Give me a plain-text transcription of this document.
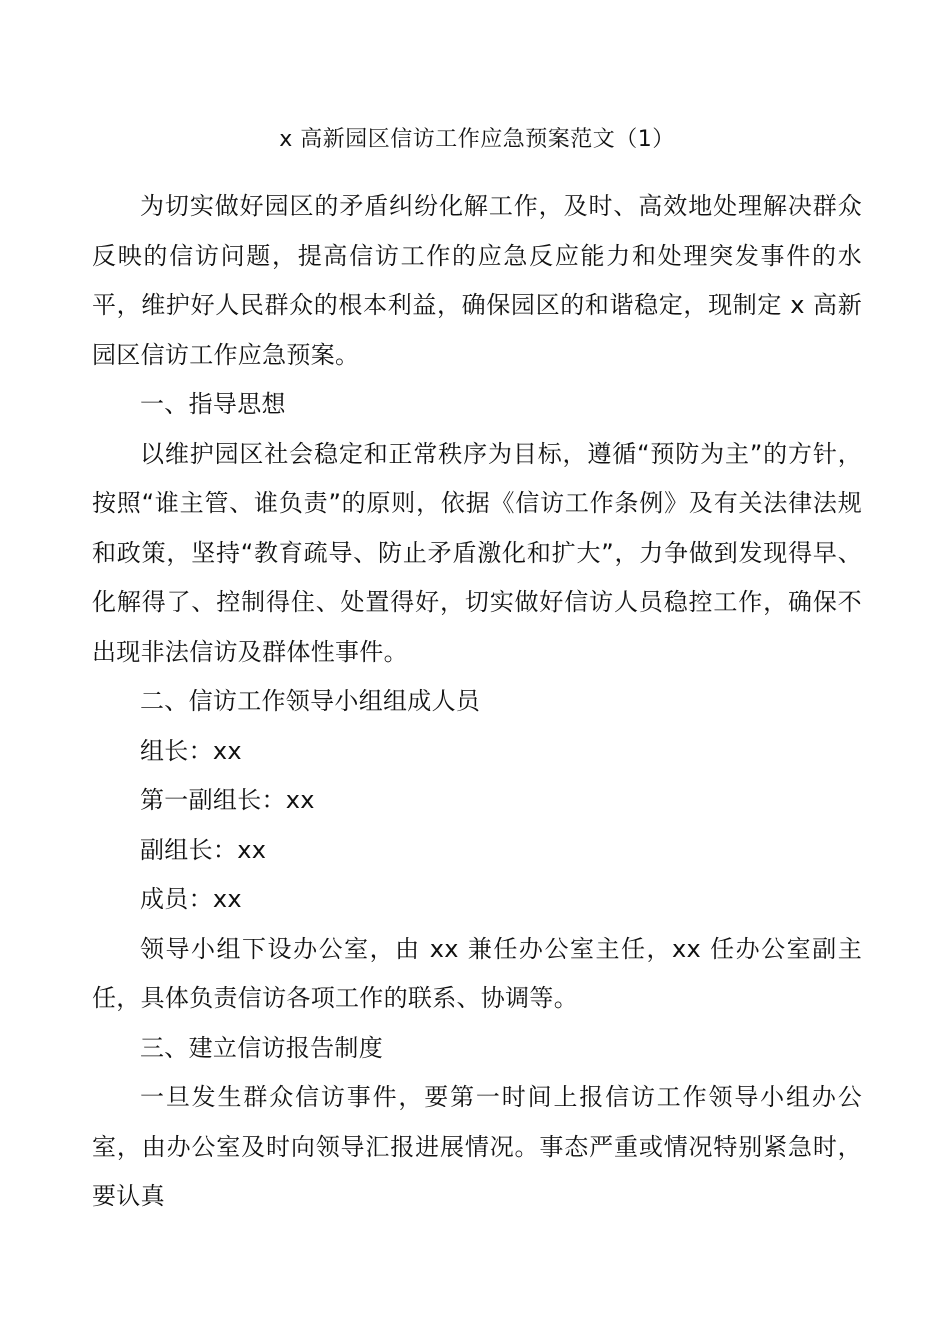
x 高新园区信访工作应急预案范文（1）

为切实做好园区的矛盾纠纷化解工作，及时、高效地处理解决群众反映的信访问题，提高信访工作的应急反应能力和处理突发事件的水平，维护好人民群众的根本利益，确保园区的和谐稳定，现制定 x 高新园区信访工作应急预案。

一、指导思想

以维护园区社会稳定和正常秩序为目标，遵循“预防为主”的方针，按照“谁主管、谁负责”的原则，依据《信访工作条例》及有关法律法规和政策，坚持“教育疏导、防止矛盾激化和扩大”，力争做到发现得早、化解得了、控制得住、处置得好，切实做好信访人员稳控工作，确保不出现非法信访及群体性事件。

二、信访工作领导小组组成人员

组长：xx

第一副组长：xx

副组长：xx

成员：xx

领导小组下设办公室，由 xx 兼任办公室主任，xx 任办公室副主任，具体负责信访各项工作的联系、协调等。

三、建立信访报告制度

一旦发生群众信访事件，要第一时间上报信访工作领导小组办公室，由办公室及时向领导汇报进展情况。事态严重或情况特别紧急时，要认真
